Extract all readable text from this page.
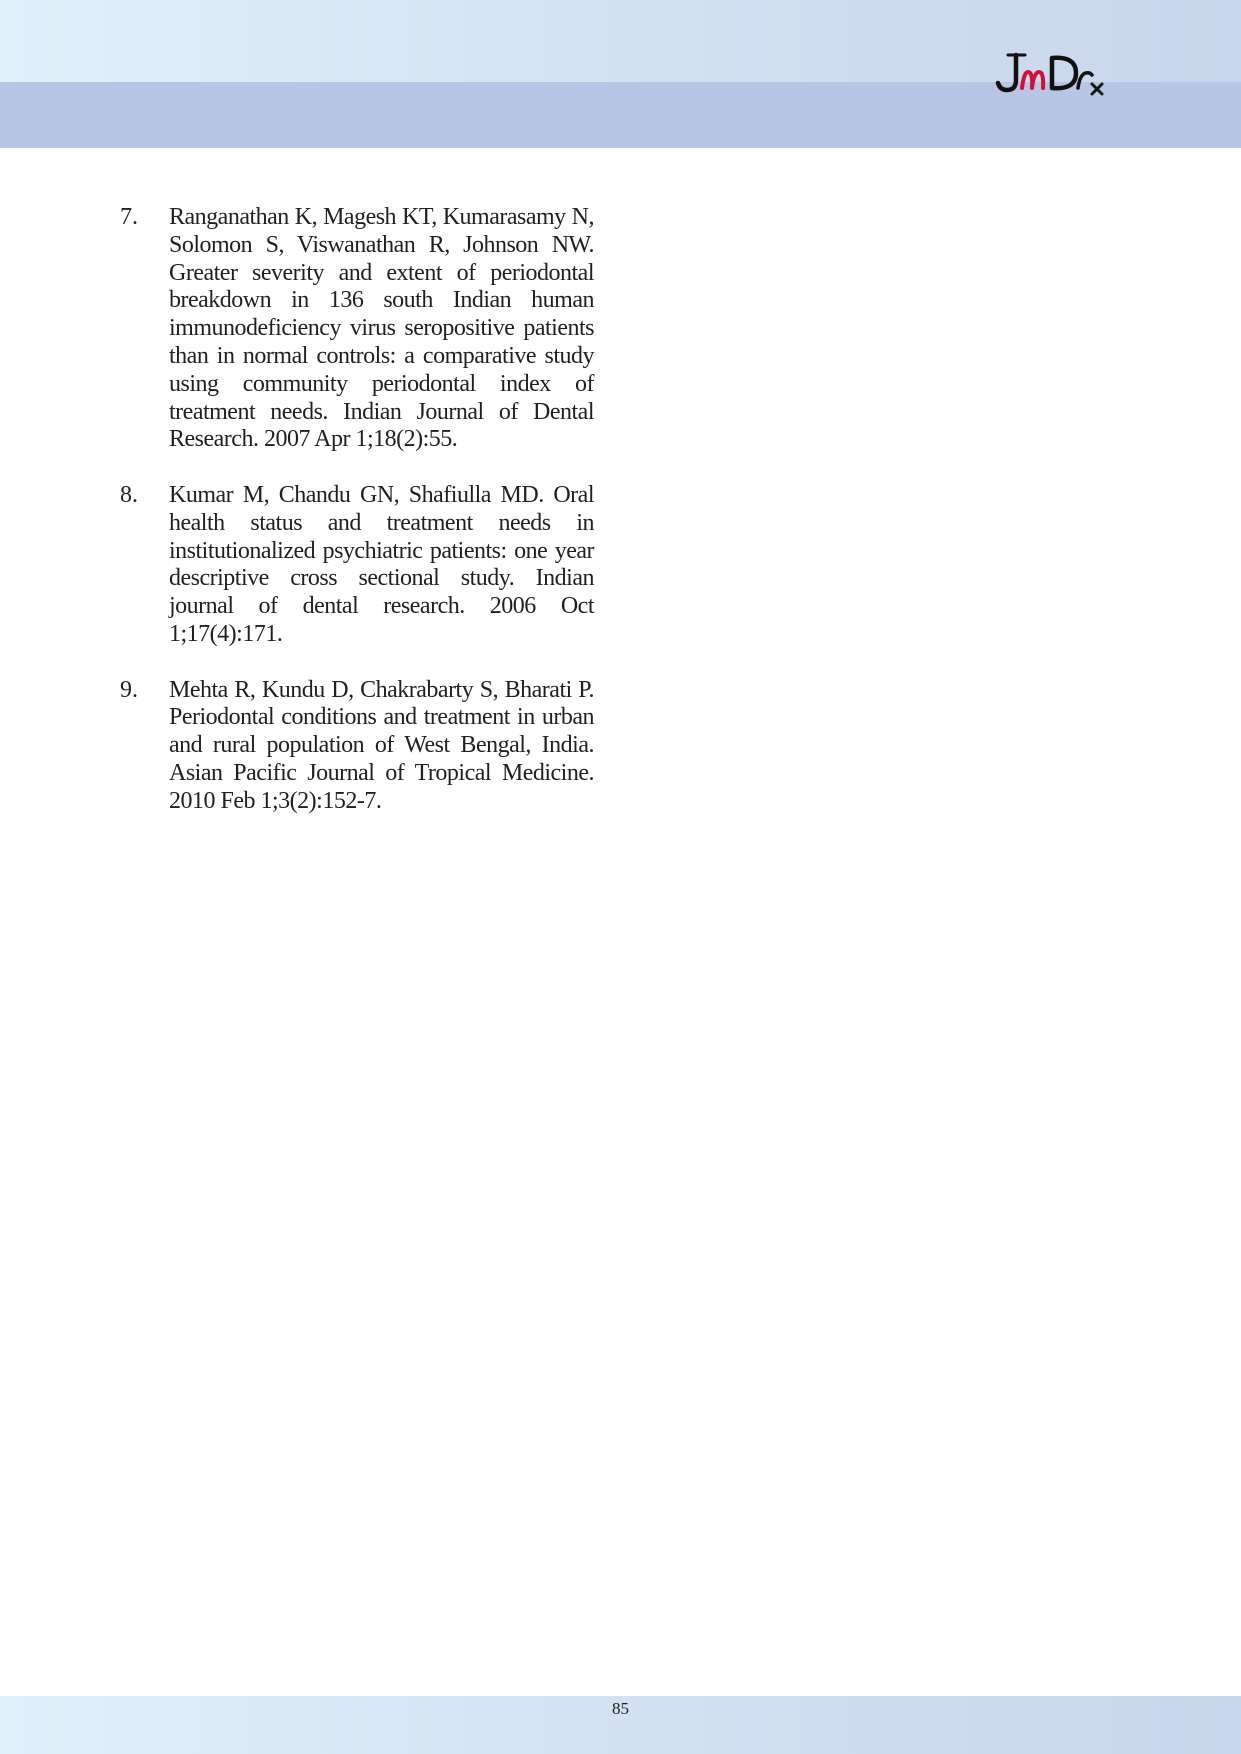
7. Ranganathan K, Magesh KT, Kumarasamy N, Solomon S, Viswanathan R, Johnson NW. Greater severity and extent of periodontal breakdown in 136 south Indian human immunodeficiency virus seropositive patients than in normal controls: a comparative study using community periodontal index of treatment needs. Indian Journal of Dental Research. 2007 Apr 1;18(2):55.
8. Kumar M, Chandu GN, Shafiulla MD. Oral health status and treatment needs in institutionalized psychiatric patients: one year descriptive cross sectional study. Indian journal of dental research. 2006 Oct 1;17(4):171.
9. Mehta R, Kundu D, Chakrabarty S, Bharati P. Periodontal conditions and treatment in urban and rural population of West Bengal, India. Asian Pacific Journal of Tropical Medicine. 2010 Feb 1;3(2):152-7.
85
